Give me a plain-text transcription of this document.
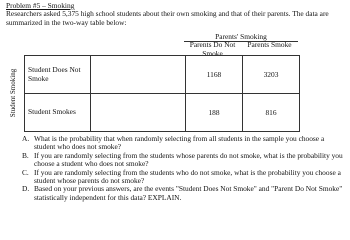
Problem #5 – Smoking
Researchers asked 5,375 high school students about their own smoking and that of their parents. The data are summarized in the two-way table below:
Parents' Smoking
Parents Do Not Smoke
Parents Smoke
Student Smoking Student Does Not Smoke		1168	3203
Student Smokes		188	816
A. What is the probability that when randomly selecting from all students in the sample you choose a student who does not smoke?
B. If you are randomly selecting from the students whose parents do not smoke, what is the probability you choose a student who does not smoke?
C. If you are randomly selecting from the students who do not smoke, what is the probability you choose a student whose parents do not smoke?
D. Based on your previous answers, are the events "Student Does Not Smoke" and "Parent Do Not Smoke" statistically independent for this data? EXPLAIN.
